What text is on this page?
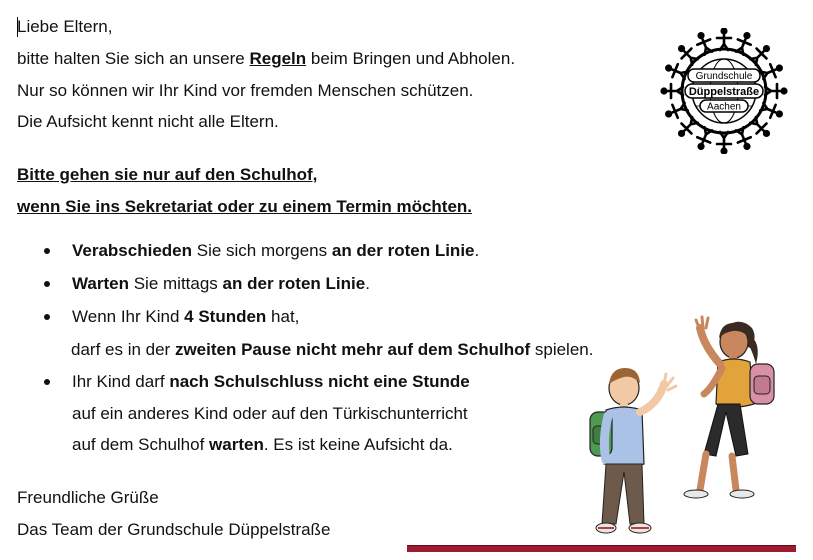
Liebe Eltern,
bitte halten Sie sich an unsere Regeln beim Bringen und Abholen.
Nur so können wir Ihr Kind vor fremden Menschen schützen.
Die Aufsicht kennt nicht alle Eltern.
Bitte gehen sie nur auf den Schulhof,
wenn Sie ins Sekretariat oder zu einem Termin möchten.
Verabschieden Sie sich morgens an der roten Linie.
Warten Sie mittags an der roten Linie.
Wenn Ihr Kind 4 Stunden hat,
darf es in der zweiten Pause nicht mehr auf dem Schulhof spielen.
Ihr Kind darf nach Schulschluss nicht eine Stunde
auf ein anderes Kind oder auf den Türkischunterricht
auf dem Schulhof warten. Es ist keine Aufsicht da.
Freundliche Grüße
Das Team der Grundschule Düppelstraße
Grundschule
Düppelstraße
Aachen
